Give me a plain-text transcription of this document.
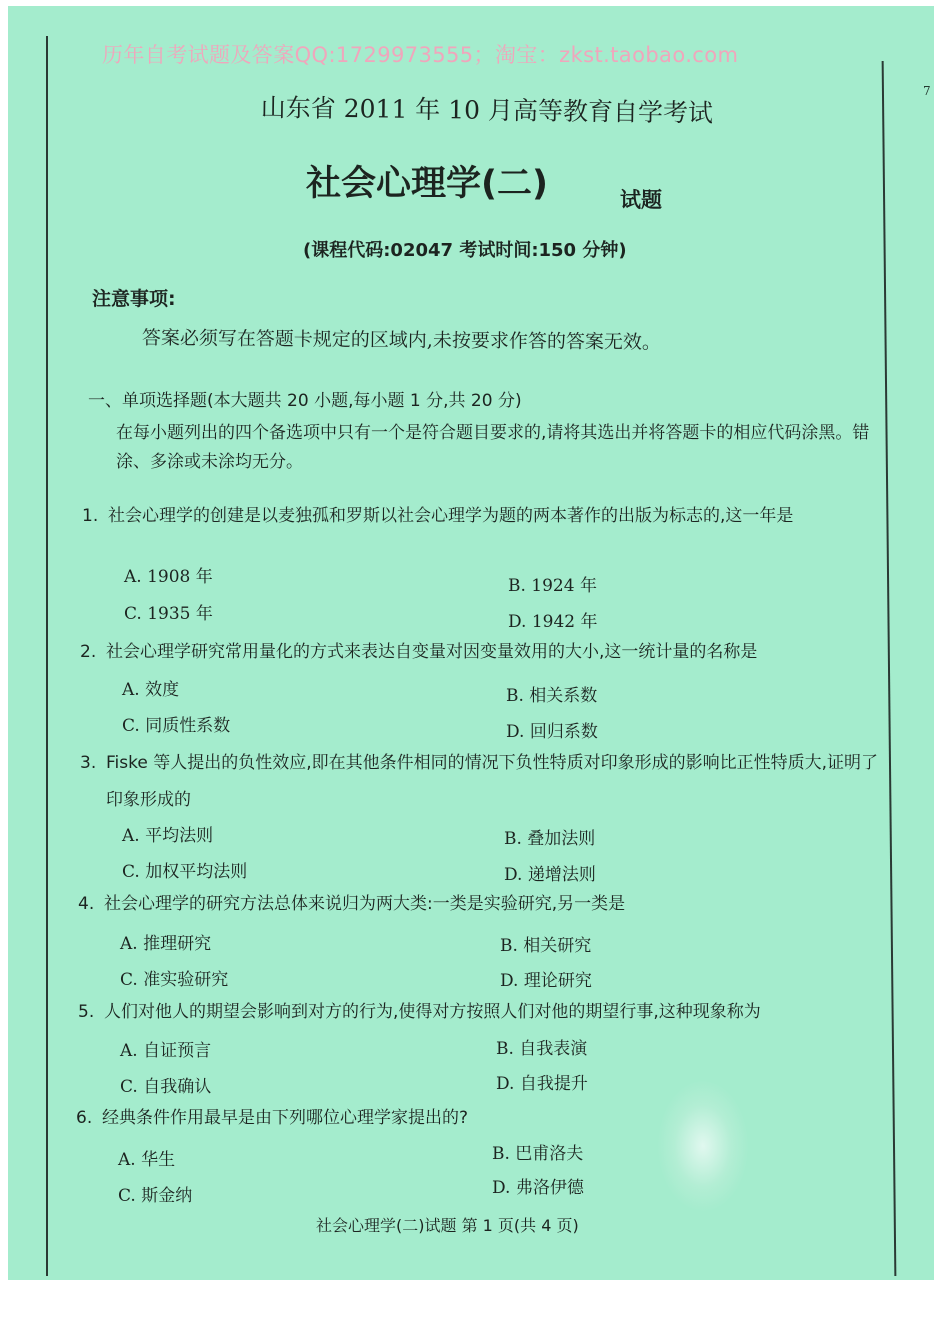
7
历年自考试题及答案QQ:1729973555；淘宝：zkst.taobao.com
山东省 2011 年 10 月高等教育自学考试
社会心理学(二)	试题
(课程代码:02047 考试时间:150 分钟)
注意事项:
答案必须写在答题卡规定的区域内,未按要求作答的答案无效。
一、单项选择题(本大题共 20 小题,每小题 1 分,共 20 分)
在每小题列出的四个备选项中只有一个是符合题目要求的,请将其选出并将答题卡的相应代码涂黑。错涂、多涂或未涂均无分。
1. 社会心理学的创建是以麦独孤和罗斯以社会心理学为题的两本著作的出版为标志的,这一年是
A. 1908 年	B. 1924 年
C. 1935 年	D. 1942 年
2. 社会心理学研究常用量化的方式来表达自变量对因变量效用的大小,这一统计量的名称是
A. 效度	B. 相关系数
C. 同质性系数	D. 回归系数
3. Fiske 等人提出的负性效应,即在其他条件相同的情况下负性特质对印象形成的影响比正性特质大,证明了印象形成的
A. 平均法则	B. 叠加法则
C. 加权平均法则	D. 递增法则
4. 社会心理学的研究方法总体来说归为两大类:一类是实验研究,另一类是
A. 推理研究	B. 相关研究
C. 准实验研究	D. 理论研究
5. 人们对他人的期望会影响到对方的行为,使得对方按照人们对他的期望行事,这种现象称为
A. 自证预言	B. 自我表演
C. 自我确认	D. 自我提升
6. 经典条件作用最早是由下列哪位心理学家提出的?
A. 华生	B. 巴甫洛夫
C. 斯金纳	D. 弗洛伊德
社会心理学(二)试题 第 1 页(共 4 页)
